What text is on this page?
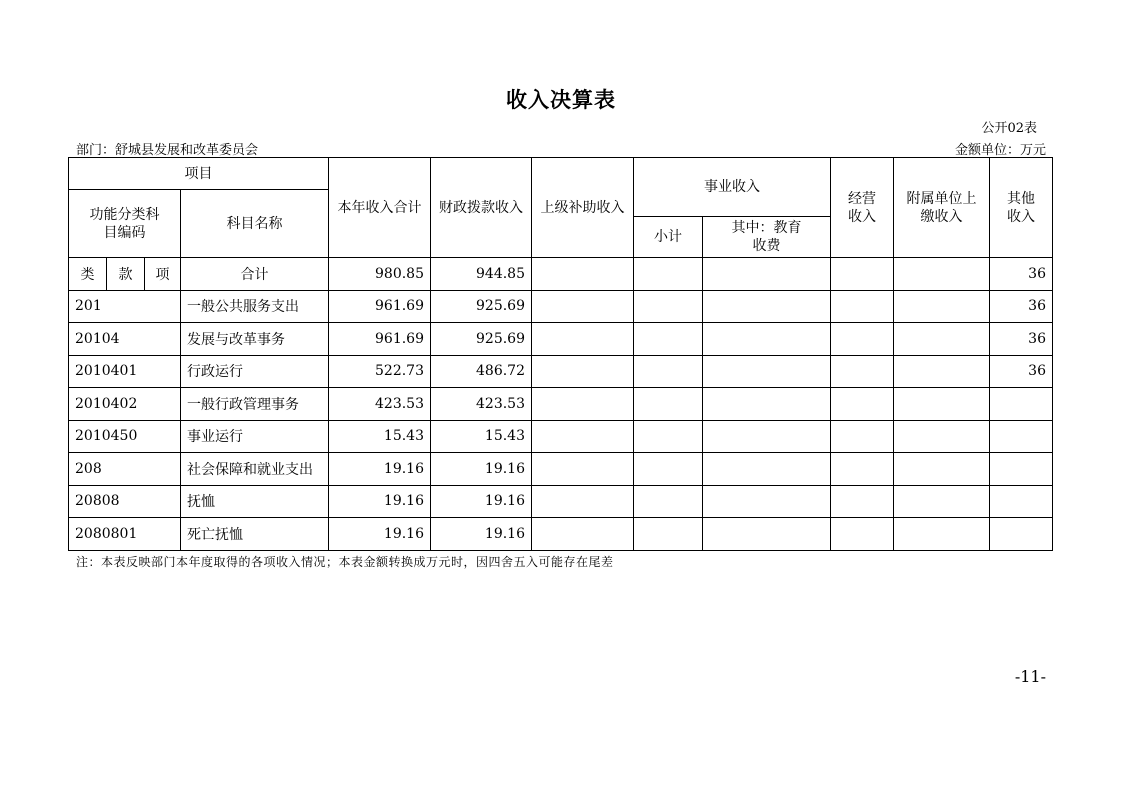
收入决算表
公开02表
部门：舒城县发展和改革委员会	金额单位：万元
项目				本年收入合计	财政拨款收入	上级补助收入	事业收入		经营收入	附属单位上缴收入	其他收入
功能分类科目编码			科目名称								
							小计	其中：教育收费			
类	款	项	合计	980.85	944.85						36
201			一般公共服务支出	961.69	925.69						36
20104			发展与改革事务	961.69	925.69						36
2010401			行政运行	522.73	486.72						36
2010402			一般行政管理事务	423.53	423.53						
2010450			事业运行	15.43	15.43						
208			社会保障和就业支出	19.16	19.16						
20808			抚恤	19.16	19.16						
2080801			死亡抚恤	19.16	19.16						
注：本表反映部门本年度取得的各项收入情况；本表金额转换成万元时，因四舍五入可能存在尾差
-11-
